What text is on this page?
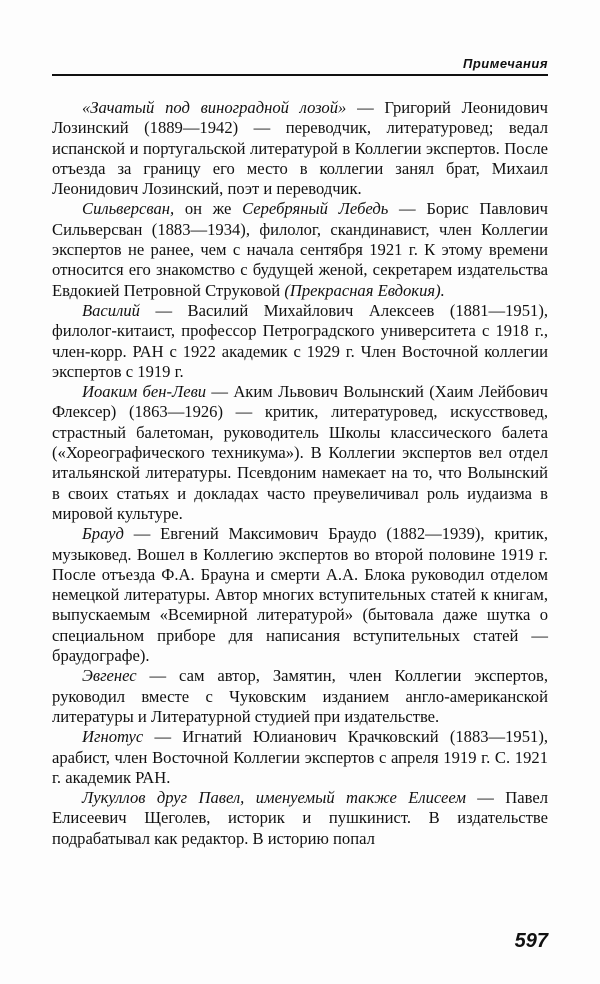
Примечания

«Зачатый под виноградной лозой» — Григорий Леонидович Лозинский (1889—1942) — переводчик, литературовед; ведал испанской и португальской литературой в Коллегии экспертов. После отъезда за границу его место в коллегии занял брат, Михаил Леонидович Лозинский, поэт и переводчик.

Сильверсван, он же Серебряный Лебедь — Борис Павлович Сильверсван (1883—1934), филолог, скандинавист, член Коллегии экспертов не ранее, чем с начала сентября 1921 г. К этому времени относится его знакомство с будущей женой, секретарем издательства Евдокией Петровной Струковой (Прекрасная Евдокия).

Василий — Василий Михайлович Алексеев (1881—1951), филолог-китаист, профессор Петроградского университета с 1918 г., член-корр. РАН с 1922 академик с 1929 г. Член Восточной коллегии экспертов с 1919 г.

Иоаким бен-Леви — Аким Львович Волынский (Хаим Лейбович Флексер) (1863—1926) — критик, литературовед, искусствовед, страстный балетоман, руководитель Школы классического балета («Хореографического техникума»). В Коллегии экспертов вел отдел итальянской литературы. Псевдоним намекает на то, что Волынский в своих статьях и докладах часто преувеличивал роль иудаизма в мировой культуре.

Брауд — Евгений Максимович Браудо (1882—1939), критик, музыковед. Вошел в Коллегию экспертов во второй половине 1919 г. После отъезда Ф.А. Брауна и смерти А.А. Блока руководил отделом немецкой литературы. Автор многих вступительных статей к книгам, выпускаемым «Всемирной литературой» (бытовала даже шутка о специальном приборе для написания вступительных статей — браудографе).

Эвгенес — сам автор, Замятин, член Коллегии экспертов, руководил вместе с Чуковским изданием англо-американской литературы и Литературной студией при издательстве.

Игнотус — Игнатий Юлианович Крачковский (1883—1951), арабист, член Восточной Коллегии экспертов с апреля 1919 г. С. 1921 г. академик РАН.

Лукуллов друг Павел, именуемый также Елисеем — Павел Елисеевич Щеголев, историк и пушкинист. В издательстве подрабатывал как редактор. В историю попал

597
